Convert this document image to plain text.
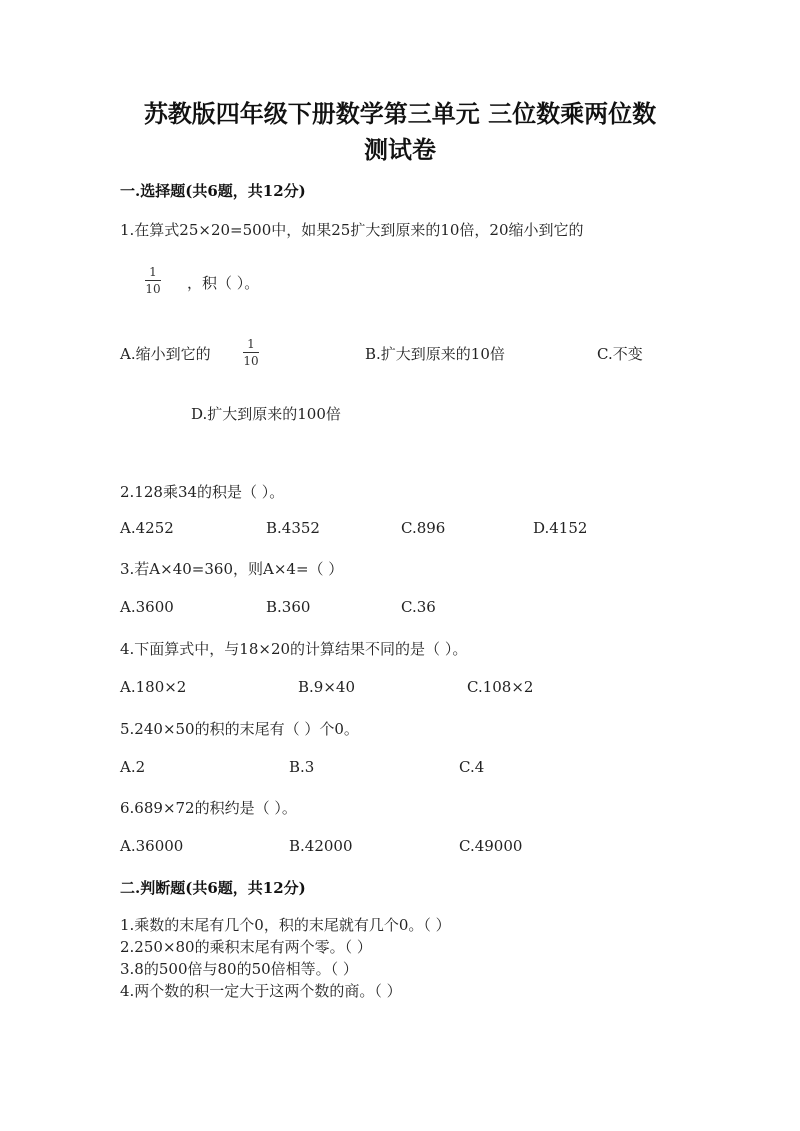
苏教版四年级下册数学第三单元 三位数乘两位数
测试卷
一.选择题(共6题，共12分)
1.在算式25×20=500中，如果25扩大到原来的10倍，20缩小到它的
1
10 ，积（ ）。
A.缩小到它的
1
10	B.扩大到原来的10倍	C.不变
D.扩大到原来的100倍
2.128乘34的积是（ ）。
A.4252	B.4352	C.896	D.4152
3.若A×40=360，则A×4=（ ）
A.3600	B.360	C.36
4.下面算式中，与18×20的计算结果不同的是（ ）。
A.180×2	B.9×40	C.108×2
5.240×50的积的末尾有（ ）个0。
A.2	B.3	C.4
6.689×72的积约是（ ）。
A.36000	B.42000	C.49000
二.判断题(共6题，共12分)
1.乘数的末尾有几个0，积的末尾就有几个0。（ ）
2.250×80的乘积末尾有两个零。（ ）
3.8的500倍与80的50倍相等。（ ）
4.两个数的积一定大于这两个数的商。（ ）
